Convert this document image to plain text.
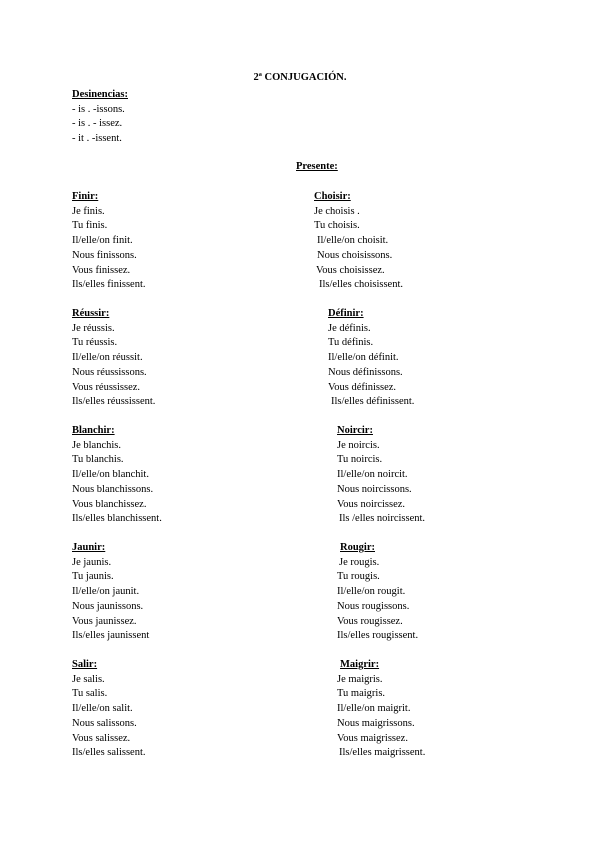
2ª CONJUGACIÓN.
Desinencias:
- is . -issons.
- is . - issez.
- it . -issent.
Presente:
Finir:
Je finis.
Tu finis.
Il/elle/on finit.
Nous finissons.
Vous finissez.
Ils/elles finissent.
Choisir:
Je choisis .
Tu choisis.
Il/elle/on choisit.
Nous choisissons.
Vous choisissez.
Ils/elles choisissent.
Réussir:
Je réussis.
Tu réussis.
Il/elle/on réussit.
Nous réussissons.
Vous réussissez.
Ils/elles réussissent.
Définir:
Je définis.
Tu définis.
Il/elle/on définit.
Nous définissons.
Vous définissez.
Ils/elles définissent.
Blanchir:
Je blanchis.
Tu blanchis.
Il/elle/on blanchit.
Nous blanchissons.
Vous blanchissez.
Ils/elles blanchissent.
Noircir:
Je noircis.
Tu noircis.
Il/elle/on noircit.
Nous noircissons.
Vous noircissez.
Ils /elles noircissent.
Jaunir:
Je jaunis.
Tu jaunis.
Il/elle/on jaunit.
Nous jaunissons.
Vous jaunissez.
Ils/elles jaunissent
Rougir:
Je rougis.
Tu rougis.
Il/elle/on rougit.
Nous rougissons.
Vous rougissez.
Ils/elles rougissent.
Salir:
Je salis.
Tu salis.
Il/elle/on salit.
Nous salissons.
Vous salissez.
Ils/elles salissent.
Maigrir:
Je maigris.
Tu maigris.
Il/elle/on maigrit.
Nous maigrissons.
Vous maigrissez.
Ils/elles maigrissent.
